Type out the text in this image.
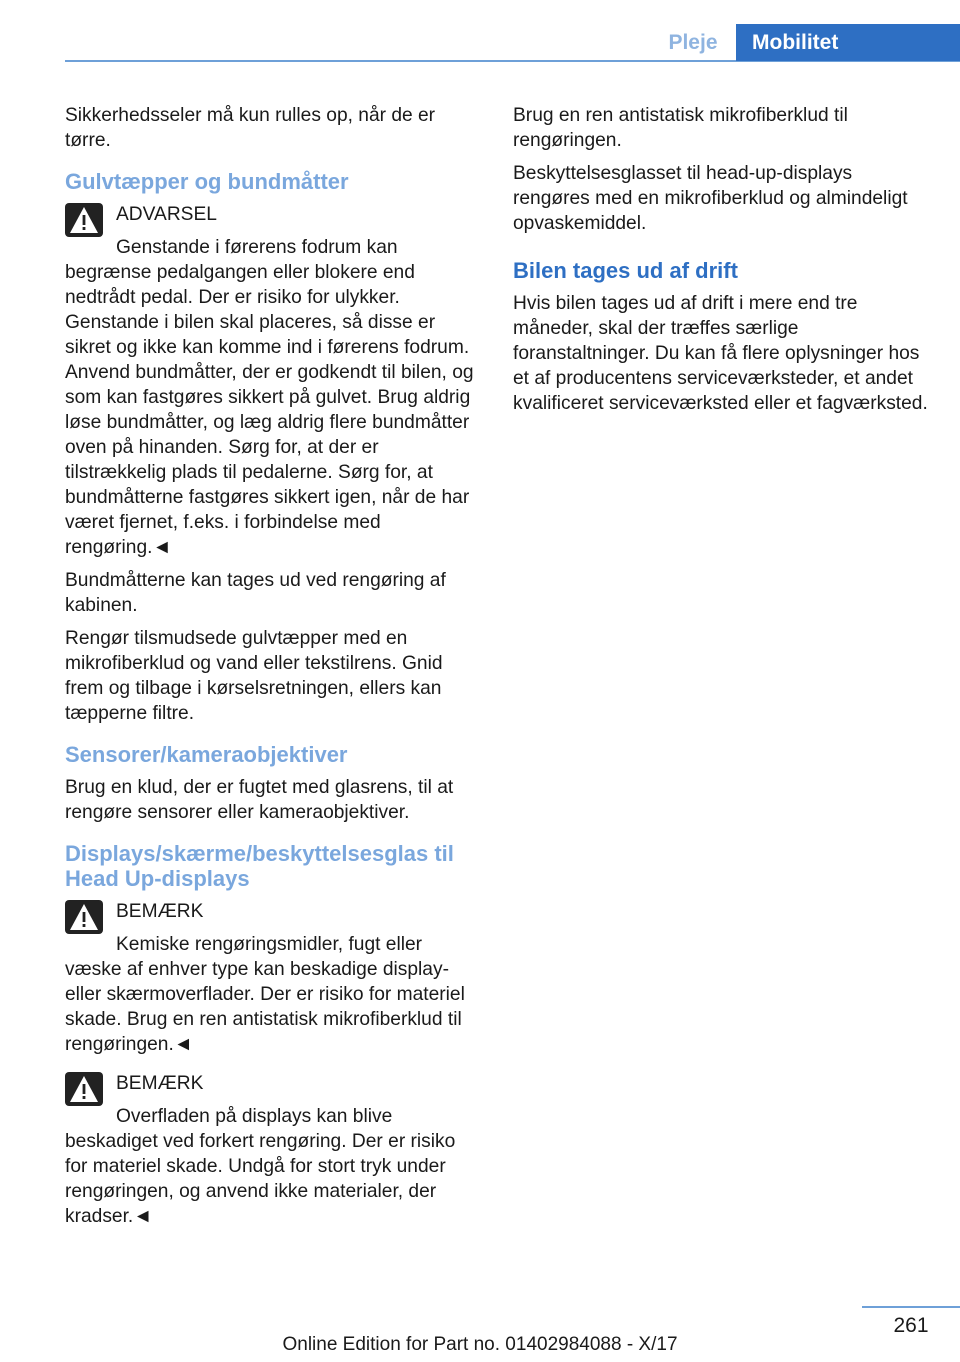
Pleje	Mobilitet

Sikkerhedsseler må kun rulles op, når de er tørre.

Gulvtæpper og bundmåtter
ADVARSEL
Genstande i førerens fodrum kan begrænse pedalgangen eller blokere end nedtrådt pedal. Der er risiko for ulykker. Genstande i bilen skal placeres, så disse er sikret og ikke kan komme ind i førerens fodrum. Anvend bundmåtter, der er godkendt til bilen, og som kan fastgøres sikkert på gulvet. Brug aldrig løse bundmåtter, og læg aldrig flere bundmåtter oven på hinanden. Sørg for, at der er tilstrækkelig plads til pedalerne. Sørg for, at bundmåtterne fastgøres sikkert igen, når de har været fjernet, f.eks. i forbindelse med rengøring.◄

Bundmåtterne kan tages ud ved rengøring af kabinen.

Rengør tilsmudsede gulvtæpper med en mikrofiberklud og vand eller tekstilrens. Gnid frem og tilbage i kørselsretningen, ellers kan tæpperne filtre.

Sensorer/kameraobjektiver

Brug en klud, der er fugtet med glasrens, til at rengøre sensorer eller kameraobjektiver.

Displays/skærme/beskyttelsesglas til Head Up-displays
BEMÆRK
Kemiske rengøringsmidler, fugt eller væske af enhver type kan beskadige display- eller skærmoverflader. Der er risiko for materiel skade. Brug en ren antistatisk mikrofiberklud til rengøringen.◄
BEMÆRK
Overfladen på displays kan blive beskadiget ved forkert rengøring. Der er risiko for materiel skade. Undgå for stort tryk under rengøringen, og anvend ikke materialer, der kradser.◄

Brug en ren antistatisk mikrofiberklud til rengøringen.

Beskyttelsesglasset til head-up-displays rengøres med en mikrofiberklud og almindeligt opvaskemiddel.

Bilen tages ud af drift

Hvis bilen tages ud af drift i mere end tre måneder, skal der træffes særlige foranstaltninger. Du kan få flere oplysninger hos et af producentens serviceværksteder, et andet kvalificeret serviceværksted eller et fagværksted.

261
Online Edition for Part no. 01402984088 - X/17
